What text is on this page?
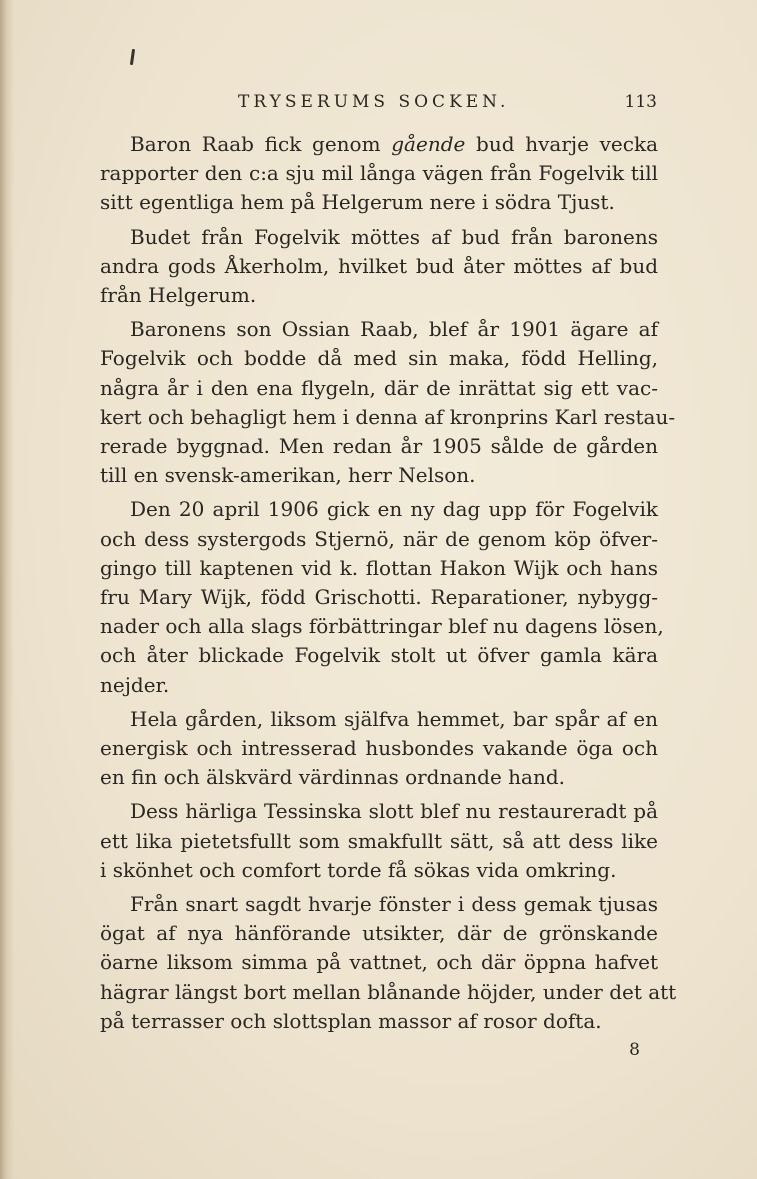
TRYSERUMS SOCKEN.	113

Baron Raab fick genom gående bud hvarje vecka
rapporter den c:a sju mil långa vägen från Fogelvik till
sitt egentliga hem på Helgerum nere i södra Tjust.

Budet från Fogelvik möttes af bud från baronens
andra gods Åkerholm, hvilket bud åter möttes af bud
från Helgerum.

Baronens son Ossian Raab, blef år 1901 ägare af
Fogelvik och bodde då med sin maka, född Helling,
några år i den ena flygeln, där de inrättat sig ett vac-
kert och behagligt hem i denna af kronprins Karl restau-
rerade byggnad. Men redan år 1905 sålde de gården
till en svensk-amerikan, herr Nelson.

Den 20 april 1906 gick en ny dag upp för Fogelvik
och dess systergods Stjernö, när de genom köp öfver-
gingo till kaptenen vid k. flottan Hakon Wijk och hans
fru Mary Wijk, född Grischotti. Reparationer, nybygg-
nader och alla slags förbättringar blef nu dagens lösen,
och åter blickade Fogelvik stolt ut öfver gamla kära
nejder.

Hela gården, liksom själfva hemmet, bar spår af en
energisk och intresserad husbondes vakande öga och
en fin och älskvärd värdinnas ordnande hand.

Dess härliga Tessinska slott blef nu restaureradt på
ett lika pietetsfullt som smakfullt sätt, så att dess like
i skönhet och comfort torde få sökas vida omkring.

Från snart sagdt hvarje fönster i dess gemak tjusas
ögat af nya hänförande utsikter, där de grönskande
öarne liksom simma på vattnet, och där öppna hafvet
hägrar längst bort mellan blånande höjder, under det att
på terrasser och slottsplan massor af rosor dofta.

8
